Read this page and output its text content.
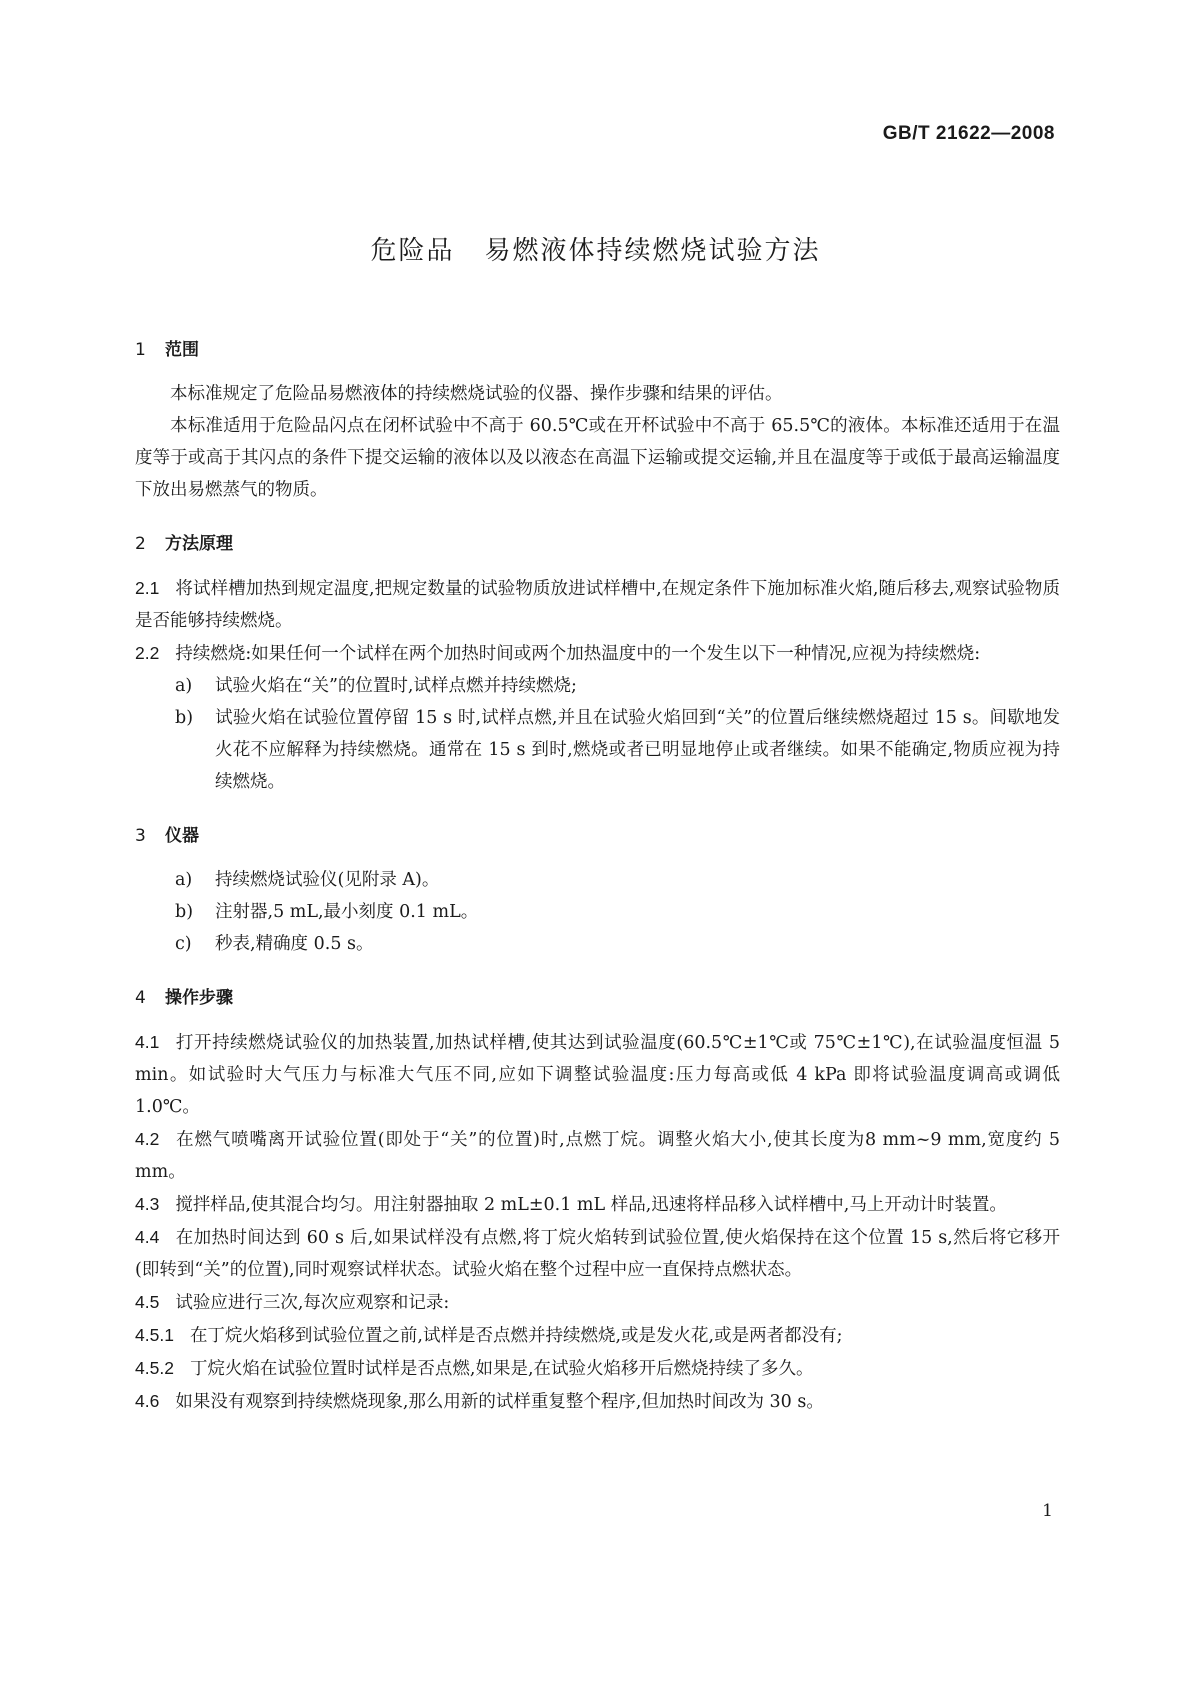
GB/T 21622—2008
危险品 易燃液体持续燃烧试验方法

1 范围

本标准规定了危险品易燃液体的持续燃烧试验的仪器、操作步骤和结果的评估。

本标准适用于危险品闪点在闭杯试验中不高于 60.5℃或在开杯试验中不高于 65.5℃的液体。本标准还适用于在温度等于或高于其闪点的条件下提交运输的液体以及以液态在高温下运输或提交运输,并且在温度等于或低于最高运输温度下放出易燃蒸气的物质。

2 方法原理

2.1 将试样槽加热到规定温度,把规定数量的试验物质放进试样槽中,在规定条件下施加标准火焰,随后移去,观察试验物质是否能够持续燃烧。

2.2 持续燃烧:如果任何一个试样在两个加热时间或两个加热温度中的一个发生以下一种情况,应视为持续燃烧:

a) 试验火焰在“关”的位置时,试样点燃并持续燃烧;

b) 试验火焰在试验位置停留 15 s 时,试样点燃,并且在试验火焰回到“关”的位置后继续燃烧超过 15 s。间歇地发火花不应解释为持续燃烧。通常在 15 s 到时,燃烧或者已明显地停止或者继续。如果不能确定,物质应视为持续燃烧。

3 仪器

a) 持续燃烧试验仪(见附录 A)。

b) 注射器,5 mL,最小刻度 0.1 mL。

c) 秒表,精确度 0.5 s。

4 操作步骤

4.1 打开持续燃烧试验仪的加热装置,加热试样槽,使其达到试验温度(60.5℃±1℃或 75℃±1℃),在试验温度恒温 5 min。如试验时大气压力与标准大气压不同,应如下调整试验温度:压力每高或低 4 kPa 即将试验温度调高或调低 1.0℃。

4.2 在燃气喷嘴离开试验位置(即处于“关”的位置)时,点燃丁烷。调整火焰大小,使其长度为8 mm~9 mm,宽度约 5 mm。

4.3 搅拌样品,使其混合均匀。用注射器抽取 2 mL±0.1 mL 样品,迅速将样品移入试样槽中,马上开动计时装置。

4.4 在加热时间达到 60 s 后,如果试样没有点燃,将丁烷火焰转到试验位置,使火焰保持在这个位置 15 s,然后将它移开(即转到“关”的位置),同时观察试样状态。试验火焰在整个过程中应一直保持点燃状态。

4.5 试验应进行三次,每次应观察和记录:

4.5.1 在丁烷火焰移到试验位置之前,试样是否点燃并持续燃烧,或是发火花,或是两者都没有;

4.5.2 丁烷火焰在试验位置时试样是否点燃,如果是,在试验火焰移开后燃烧持续了多久。

4.6 如果没有观察到持续燃烧现象,那么用新的试样重复整个程序,但加热时间改为 30 s。

1
